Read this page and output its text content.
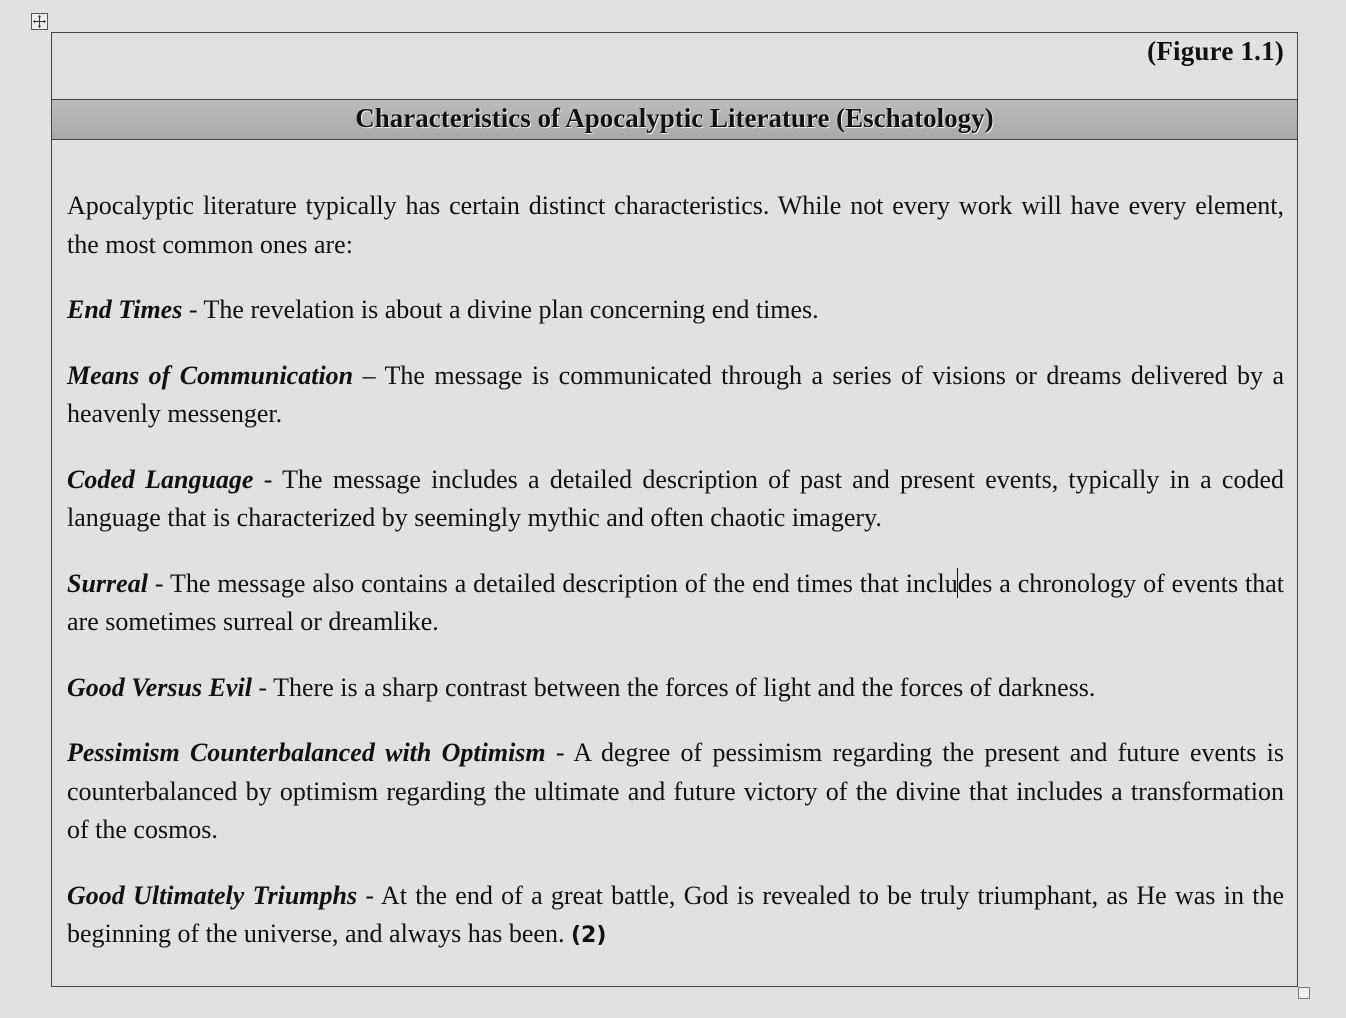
(Figure 1.1)
Characteristics of Apocalyptic Literature (Eschatology)

Apocalyptic literature typically has certain distinct characteristics. While not every work will have every element, the most common ones are:

End Times - The revelation is about a divine plan concerning end times.

Means of Communication – The message is communicated through a series of visions or dreams delivered by a heavenly messenger.

Coded Language - The message includes a detailed description of past and present events, typically in a coded language that is characterized by seemingly mythic and often chaotic imagery.

Surreal - The message also contains a detailed description of the end times that includes a chronology of events that are sometimes surreal or dreamlike.

Good Versus Evil - There is a sharp contrast between the forces of light and the forces of darkness.

Pessimism Counterbalanced with Optimism - A degree of pessimism regarding the present and future events is counterbalanced by optimism regarding the ultimate and future victory of the divine that includes a transformation of the cosmos.

Good Ultimately Triumphs - At the end of a great battle, God is revealed to be truly triumphant, as He was in the beginning of the universe, and always has been. (2)
